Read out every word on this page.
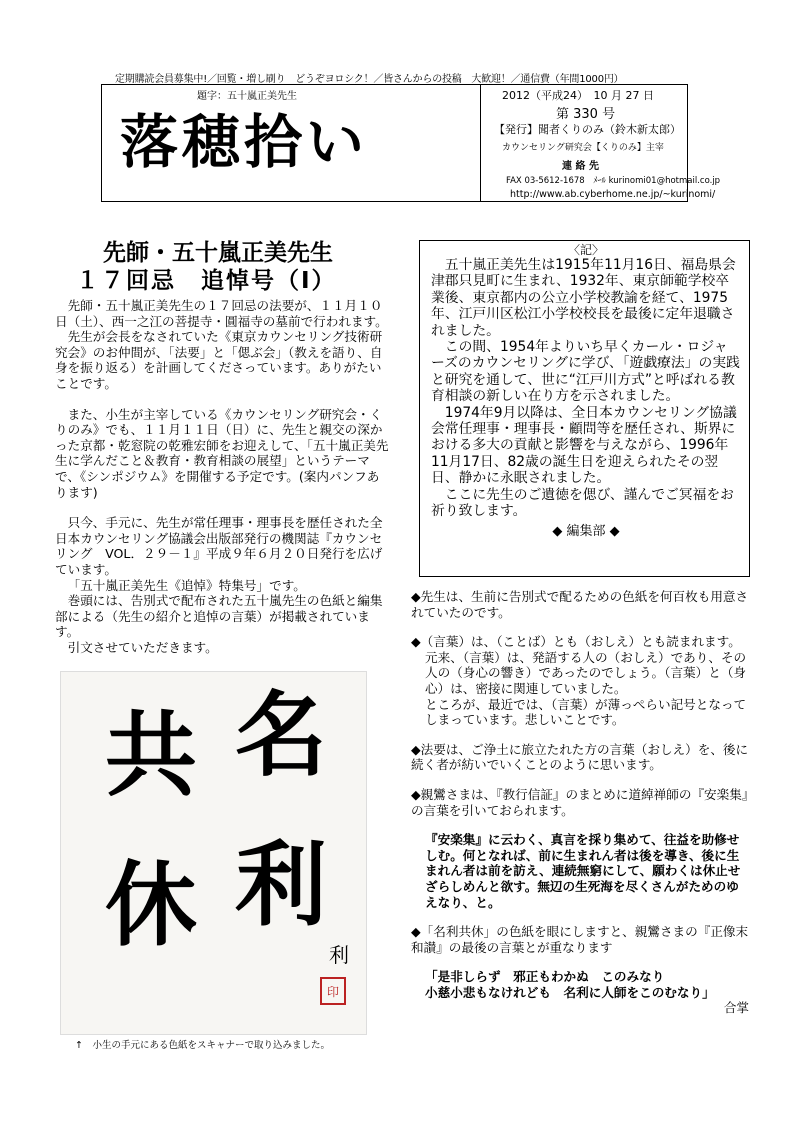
定期購読会員募集中!／回覧・増し刷り　どうぞヨロシク！／皆さんからの投稿　大歓迎！／通信費（年間1000円）
題字：五十嵐正美先生
落穂拾い
2012（平成24）　10 月 27 日
第 330 号
【発行】聞者くりのみ（鈴木新太郎）
カウンセリング研究会【くりのみ】主宰
連 絡 先
FAX 03-5612-1678　ﾒｰﾙ kurinomi01@hotmail.co.jp
http://www.ab.cyberhome.ne.jp/~kurinomi/
先師・五十嵐正美先生
１７回忌　追悼号（Ⅰ）

先師・五十嵐正美先生の１７回忌の法要が、１１月１０日（土）、西一之江の菩提寺・圓福寺の墓前で行われます。

先生が会長をなされていた《東京カウンセリング技術研究会》のお仲間が、「法要」と「偲ぶ会」（教えを語り、自身を振り返る）を計画してくださっています。ありがたいことです。

また、小生が主宰している《カウンセリング研究会・くりのみ》でも、１１月１１日（日）に、先生と親交の深かった京都・乾窓院の乾雅宏師をお迎えして、「五十嵐正美先生に学んだこと＆教育・教育相談の展望」というテーマで、《シンポジウム》を開催する予定です。(案内パンフあります)

只今、手元に、先生が常任理事・理事長を歴任された全日本カウンセリング協議会出版部発行の機関誌『カウンセリング　VOL．２９－１』平成９年６月２０日発行を広げています。

「五十嵐正美先生《追悼》特集号」です。

巻頭には、告別式で配布された五十嵐先生の色紙と編集部による（先生の紹介と追悼の言葉）が掲載されています。

引文させていただきます。

名
共
利
休	利
印
↑　小生の手元にある色紙をスキャナーで取り込みました。
〈記〉

五十嵐正美先生は1915年11月16日、福島県会津郡只見町に生まれ、1932年、東京師範学校卒業後、東京都内の公立小学校教諭を経て、1975年、江戸川区松江小学校校長を最後に定年退職されました。

この間、1954年よりいち早くカール・ロジャーズのカウンセリングに学び、「遊戯療法」の実践と研究を通して、世に“江戸川方式”と呼ばれる教育相談の新しい在り方を示されました。

1974年9月以降は、全日本カウンセリング協議会常任理事・理事長・顧問等を歴任され、斯界における多大の貢献と影響を与えながら、1996年11月17日、82歳の誕生日を迎えられたその翌日、静かに永眠されました。

ここに先生のご遺徳を偲び、謹んでご冥福をお祈り致します。

◆ 編集部 ◆
◆先生は、生前に告別式で配るための色紙を何百枚も用意されていたのです。
◆（言葉）は、（ことば）とも（おしえ）とも読まれます。
元来、（言葉）は、発語する人の（おしえ）であり、その人の（身心の響き）であったのでしょう。（言葉）と（身心）は、密接に関連していました。
ところが、最近では、（言葉）が薄っぺらい記号となってしまっています。悲しいことです。
◆法要は、ご浄土に旅立たれた方の言葉（おしえ）を、後に続く者が紡いでいくことのように思います。
◆親鸞さまは、『教行信証』のまとめに道綽禅師の『安楽集』の言葉を引いておられます。
『安楽集』に云わく、真言を採り集めて、往益を助修せしむ。何となれば、前に生まれん者は後を導き、後に生まれん者は前を訪え、連続無窮にして、願わくは休止せざらしめんと欲す。無辺の生死海を尽くさんがためのゆえなり、と。
◆「名利共休」の色紙を眼にしますと、親鸞さまの『正像末和讃』の最後の言葉とが重なります
「是非しらず　邪正もわかぬ　このみなり
小慈小悲もなけれども　名利に人師をこのむなり」
合掌
